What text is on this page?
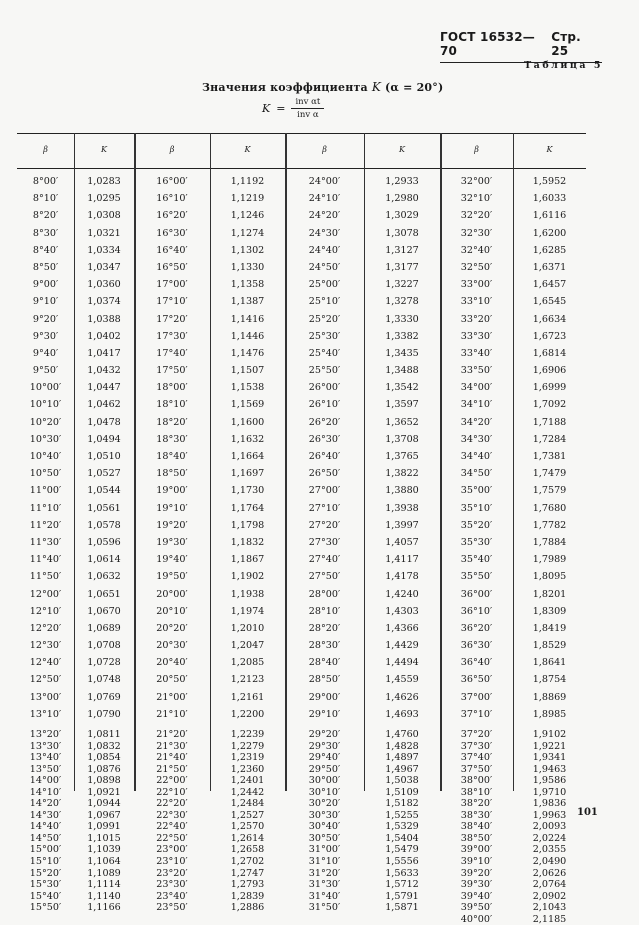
ГОСТ 16532—70
Стр. 25
Таблица 5
Значения коэффициента K (α = 20°)
$K = \frac{\text{inv αt}}{\text{inv α}}$
β
8°00′
8°10′
8°20′
8°30′
8°40′
8°50′
9°00′
9°10′
9°20′
9°30′
9°40′
9°50′
10°00′
10°10′
10°20′
10°30′
10°40′
10°50′
11°00′
11°10′
11°20′
11°30′
11°40′
11°50′
12°00′
12°10′
12°20′
12°30′
12°40′
12°50′
13°00′
13°10′
13°20′
13°30′
13°40′
13°50′
14°00′
14°10′
14°20′
14°30′
14°40′
14°50′
15°00′
15°10′
15°20′
15°30′
15°40′
15°50′
K
1,0283
1,0295
1,0308
1,0321
1,0334
1,0347
1,0360
1,0374
1,0388
1,0402
1,0417
1,0432
1,0447
1,0462
1,0478
1,0494
1,0510
1,0527
1,0544
1,0561
1,0578
1,0596
1,0614
1,0632
1,0651
1,0670
1,0689
1,0708
1,0728
1,0748
1,0769
1,0790
1,0811
1,0832
1,0854
1,0876
1,0898
1,0921
1,0944
1,0967
1,0991
1,1015
1,1039
1,1064
1,1089
1,1114
1,1140
1,1166
β
16°00′
16°10′
16°20′
16°30′
16°40′
16°50′
17°00′
17°10′
17°20′
17°30′
17°40′
17°50′
18°00′
18°10′
18°20′
18°30′
18°40′
18°50′
19°00′
19°10′
19°20′
19°30′
19°40′
19°50′
20°00′
20°10′
20°20′
20°30′
20°40′
20°50′
21°00′
21°10′
21°20′
21°30′
21°40′
21°50′
22°00′
22°10′
22°20′
22°30′
22°40′
22°50′
23°00′
23°10′
23°20′
23°30′
23°40′
23°50′
K
1,1192
1,1219
1,1246
1,1274
1,1302
1,1330
1,1358
1,1387
1,1416
1,1446
1,1476
1,1507
1,1538
1,1569
1,1600
1,1632
1,1664
1,1697
1,1730
1,1764
1,1798
1,1832
1,1867
1,1902
1,1938
1,1974
1,2010
1,2047
1,2085
1,2123
1,2161
1,2200
1,2239
1,2279
1,2319
1,2360
1,2401
1,2442
1,2484
1,2527
1,2570
1,2614
1,2658
1,2702
1,2747
1,2793
1,2839
1,2886
β
24°00′
24°10′
24°20′
24°30′
24°40′
24°50′
25°00′
25°10′
25°20′
25°30′
25°40′
25°50′
26°00′
26°10′
26°20′
26°30′
26°40′
26°50′
27°00′
27°10′
27°20′
27°30′
27°40′
27°50′
28°00′
28°10′
28°20′
28°30′
28°40′
28°50′
29°00′
29°10′
29°20′
29°30′
29°40′
29°50′
30°00′
30°10′
30°20′
30°30′
30°40′
30°50′
31°00′
31°10′
31°20′
31°30′
31°40′
31°50′
K
1,2933
1,2980
1,3029
1,3078
1,3127
1,3177
1,3227
1,3278
1,3330
1,3382
1,3435
1,3488
1,3542
1,3597
1,3652
1,3708
1,3765
1,3822
1,3880
1,3938
1,3997
1,4057
1,4117
1,4178
1,4240
1,4303
1,4366
1,4429
1,4494
1,4559
1,4626
1,4693
1,4760
1,4828
1,4897
1,4967
1,5038
1,5109
1,5182
1,5255
1,5329
1,5404
1,5479
1,5556
1,5633
1,5712
1,5791
1,5871
β
32°00′
32°10′
32°20′
32°30′
32°40′
32°50′
33°00′
33°10′
33°20′
33°30′
33°40′
33°50′
34°00′
34°10′
34°20′
34°30′
34°40′
34°50′
35°00′
35°10′
35°20′
35°30′
35°40′
35°50′
36°00′
36°10′
36°20′
36°30′
36°40′
36°50′
37°00′
37°10′
37°20′
37°30′
37°40′
37°50′
38°00′
38°10′
38°20′
38°30′
38°40′
38°50′
39°00′
39°10′
39°20′
39°30′
39°40′
39°50′
40°00′
K
1,5952
1,6033
1,6116
1,6200
1,6285
1,6371
1,6457
1,6545
1,6634
1,6723
1,6814
1,6906
1,6999
1,7092
1,7188
1,7284
1,7381
1,7479
1,7579
1,7680
1,7782
1,7884
1,7989
1,8095
1,8201
1,8309
1,8419
1,8529
1,8641
1,8754
1,8869
1,8985
1,9102
1,9221
1,9341
1,9463
1,9586
1,9710
1,9836
1,9963
2,0093
2,0224
2,0355
2,0490
2,0626
2,0764
2,0902
2,1043
2,1185
101
